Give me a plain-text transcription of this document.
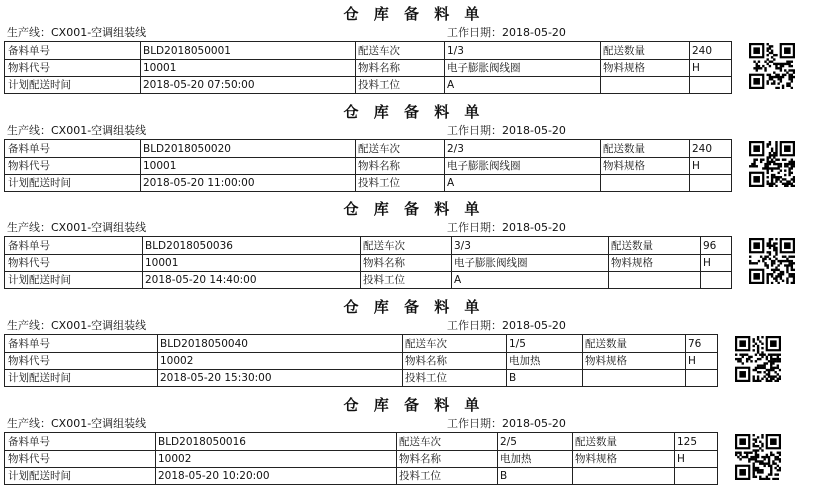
仓 库 备 料 单
生产线：CX001-空调组装线	工作日期：2018-05-20
备料单号	BLD2018050001	配送车次	1/3	配送数量	240
物料代号	10001	物料名称	电子膨胀阀线圈	物料规格	H
计划配送时间	2018-05-20 07:50:00	投料工位	A
仓 库 备 料 单
生产线：CX001-空调组装线	工作日期：2018-05-20
备料单号	BLD2018050020	配送车次	2/3	配送数量	240
物料代号	10001	物料名称	电子膨胀阀线圈	物料规格	H
计划配送时间	2018-05-20 11:00:00	投料工位	A
仓 库 备 料 单
生产线：CX001-空调组装线	工作日期：2018-05-20
备料单号	BLD2018050036	配送车次	3/3	配送数量	96
物料代号	10001	物料名称	电子膨胀阀线圈	物料规格	H
计划配送时间	2018-05-20 14:40:00	投料工位	A
仓 库 备 料 单
生产线：CX001-空调组装线	工作日期：2018-05-20
备料单号	BLD2018050040	配送车次	1/5	配送数量	76
物料代号	10002	物料名称	电加热	物料规格	H
计划配送时间	2018-05-20 15:30:00	投料工位	B
仓 库 备 料 单
生产线：CX001-空调组装线	工作日期：2018-05-20
备料单号	BLD2018050016	配送车次	2/5	配送数量	125
物料代号	10002	物料名称	电加热	物料规格	H
计划配送时间	2018-05-20 10:20:00	投料工位	B
